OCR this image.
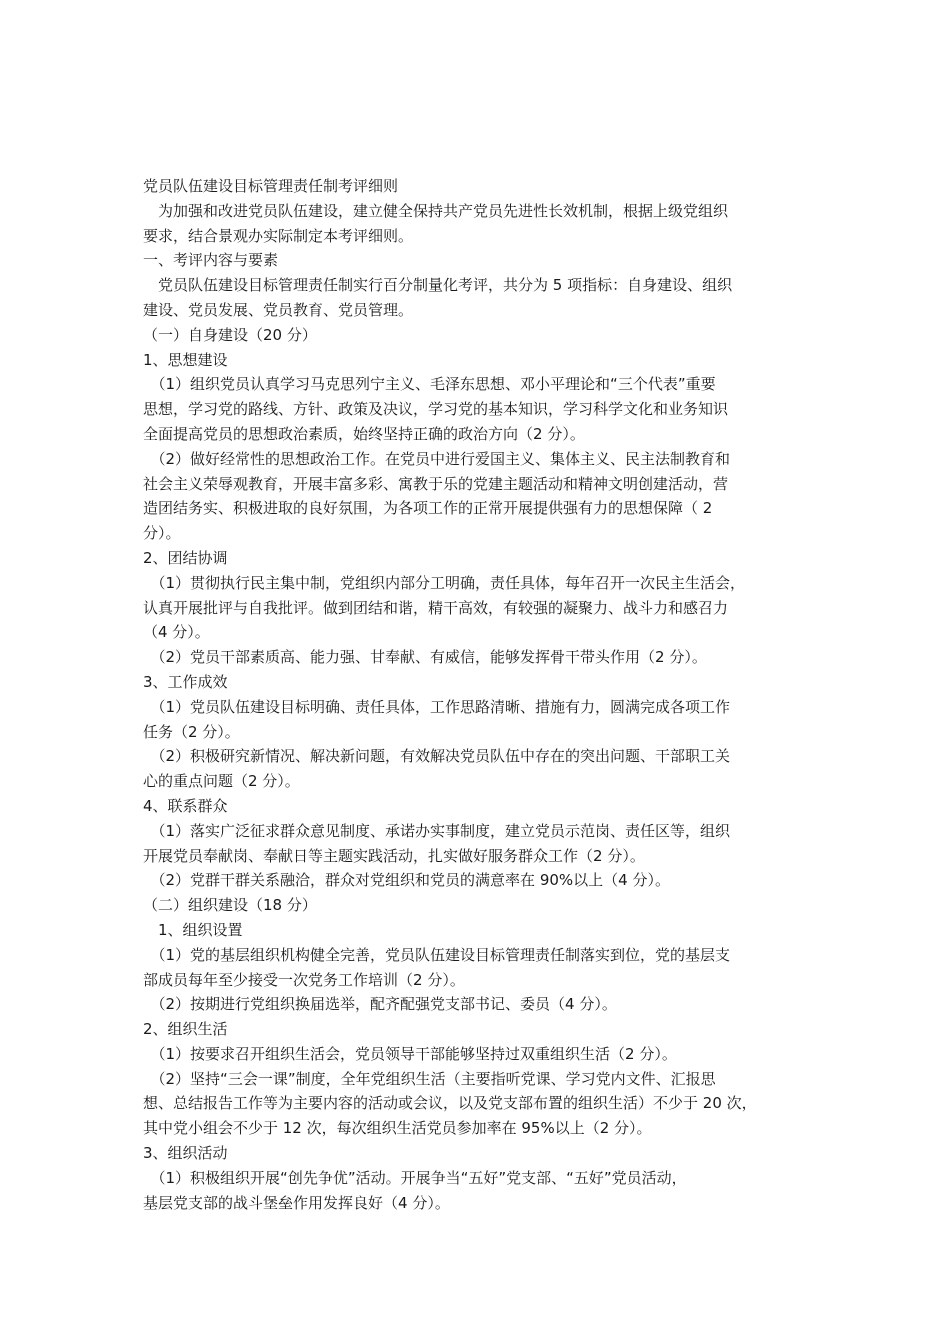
党员队伍建设目标管理责任制考评细则
　为加强和改进党员队伍建设，建立健全保持共产党员先进性长效机制，根据上级党组织
要求，结合景观办实际制定本考评细则。
一、考评内容与要素
　党员队伍建设目标管理责任制实行百分制量化考评，共分为 5 项指标：自身建设、组织
建设、党员发展、党员教育、党员管理。
（一）自身建设（20 分）
1、思想建设
　（1）组织党员认真学习马克思列宁主义、毛泽东思想、邓小平理论和“三个代表”重要
思想，学习党的路线、方针、政策及决议，学习党的基本知识，学习科学文化和业务知识
全面提高党员的思想政治素质，始终坚持正确的政治方向（2 分）。
　（2）做好经常性的思想政治工作。在党员中进行爱国主义、集体主义、民主法制教育和
社会主义荣辱观教育，开展丰富多彩、寓教于乐的党建主题活动和精神文明创建活动，营
造团结务实、积极进取的良好氛围，为各项工作的正常开展提供强有力的思想保障（ 2
分）。
2、团结协调
　（1）贯彻执行民主集中制，党组织内部分工明确，责任具体，每年召开一次民主生活会，
认真开展批评与自我批评。做到团结和谐，精干高效，有较强的凝聚力、战斗力和感召力
（4 分）。
　（2）党员干部素质高、能力强、甘奉献、有威信，能够发挥骨干带头作用（2 分）。
3、工作成效
　（1）党员队伍建设目标明确、责任具体，工作思路清晰、措施有力，圆满完成各项工作
任务（2 分）。
　（2）积极研究新情况、解决新问题，有效解决党员队伍中存在的突出问题、干部职工关
心的重点问题（2 分）。
4、联系群众
　（1）落实广泛征求群众意见制度、承诺办实事制度，建立党员示范岗、责任区等，组织
开展党员奉献岗、奉献日等主题实践活动，扎实做好服务群众工作（2 分）。
　（2）党群干群关系融洽，群众对党组织和党员的满意率在 90%以上（4 分）。
（二）组织建设（18 分）
　1、组织设置
　（1）党的基层组织机构健全完善，党员队伍建设目标管理责任制落实到位，党的基层支
部成员每年至少接受一次党务工作培训（2 分）。
　（2）按期进行党组织换届选举，配齐配强党支部书记、委员（4 分）。
2、组织生活
　（1）按要求召开组织生活会，党员领导干部能够坚持过双重组织生活（2 分）。
　（2）坚持“三会一课”制度，全年党组织生活（主要指听党课、学习党内文件、汇报思
想、总结报告工作等为主要内容的活动或会议，以及党支部布置的组织生活）不少于 20 次，
其中党小组会不少于 12 次，每次组织生活党员参加率在 95%以上（2 分）。
3、组织活动
　（1）积极组织开展“创先争优”活动。开展争当“五好”党支部、“五好”党员活动，
基层党支部的战斗堡垒作用发挥良好（4 分）。
